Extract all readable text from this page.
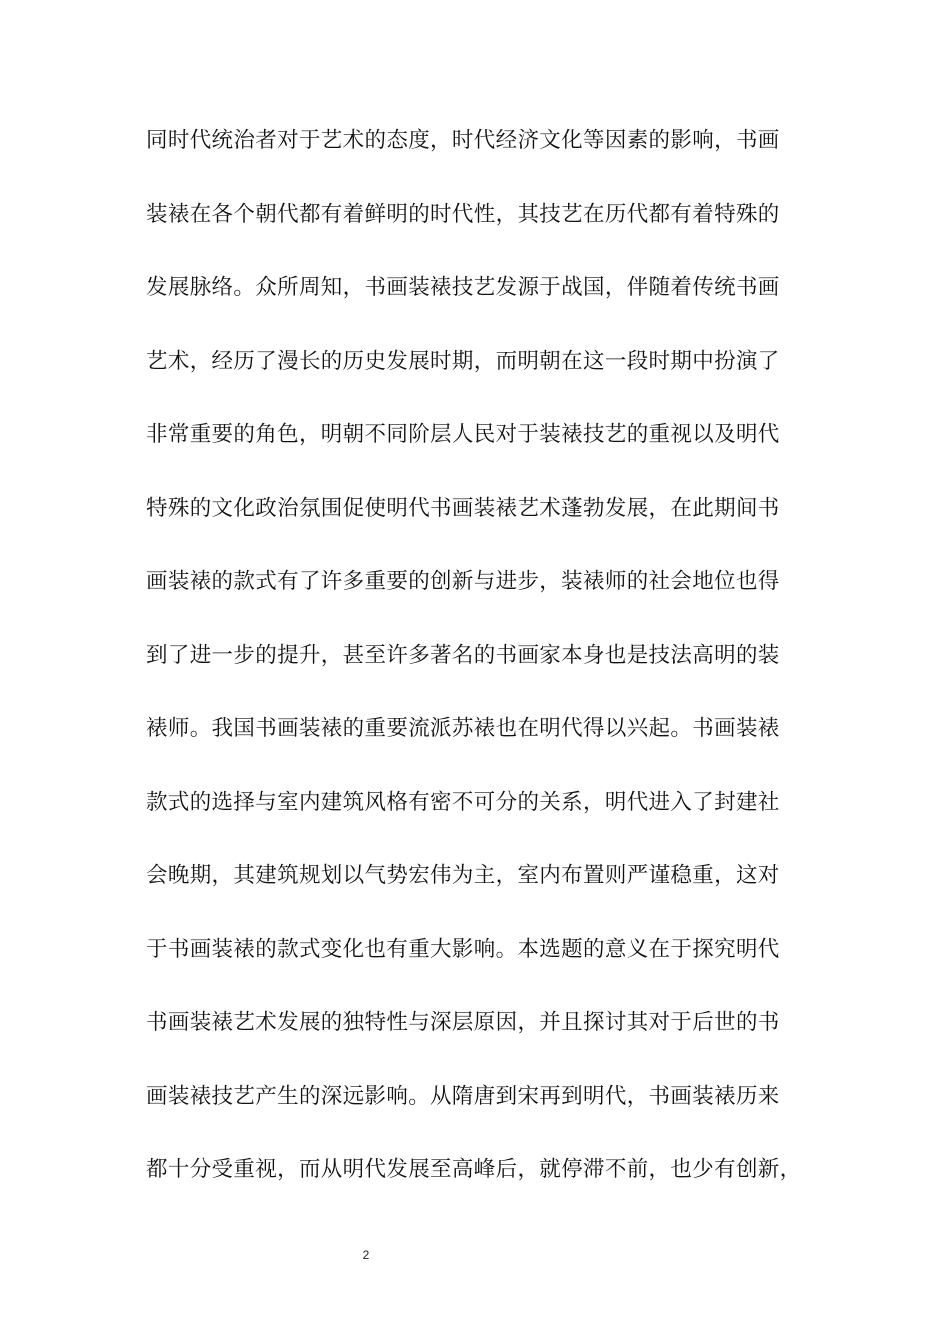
同时代统治者对于艺术的态度，时代经济文化等因素的影响，书画
装裱在各个朝代都有着鲜明的时代性，其技艺在历代都有着特殊的
发展脉络。众所周知，书画装裱技艺发源于战国，伴随着传统书画
艺术，经历了漫长的历史发展时期，而明朝在这一段时期中扮演了
非常重要的角色，明朝不同阶层人民对于装裱技艺的重视以及明代
特殊的文化政治氛围促使明代书画装裱艺术蓬勃发展，在此期间书
画装裱的款式有了许多重要的创新与进步，装裱师的社会地位也得
到了进一步的提升，甚至许多著名的书画家本身也是技法高明的装
裱师。我国书画装裱的重要流派苏裱也在明代得以兴起。书画装裱
款式的选择与室内建筑风格有密不可分的关系，明代进入了封建社
会晚期，其建筑规划以气势宏伟为主，室内布置则严谨稳重，这对
于书画装裱的款式变化也有重大影响。本选题的意义在于探究明代
书画装裱艺术发展的独特性与深层原因，并且探讨其对于后世的书
画装裱技艺产生的深远影响。从隋唐到宋再到明代，书画装裱历来
都十分受重视，而从明代发展至高峰后，就停滞不前，也少有创新，
2
